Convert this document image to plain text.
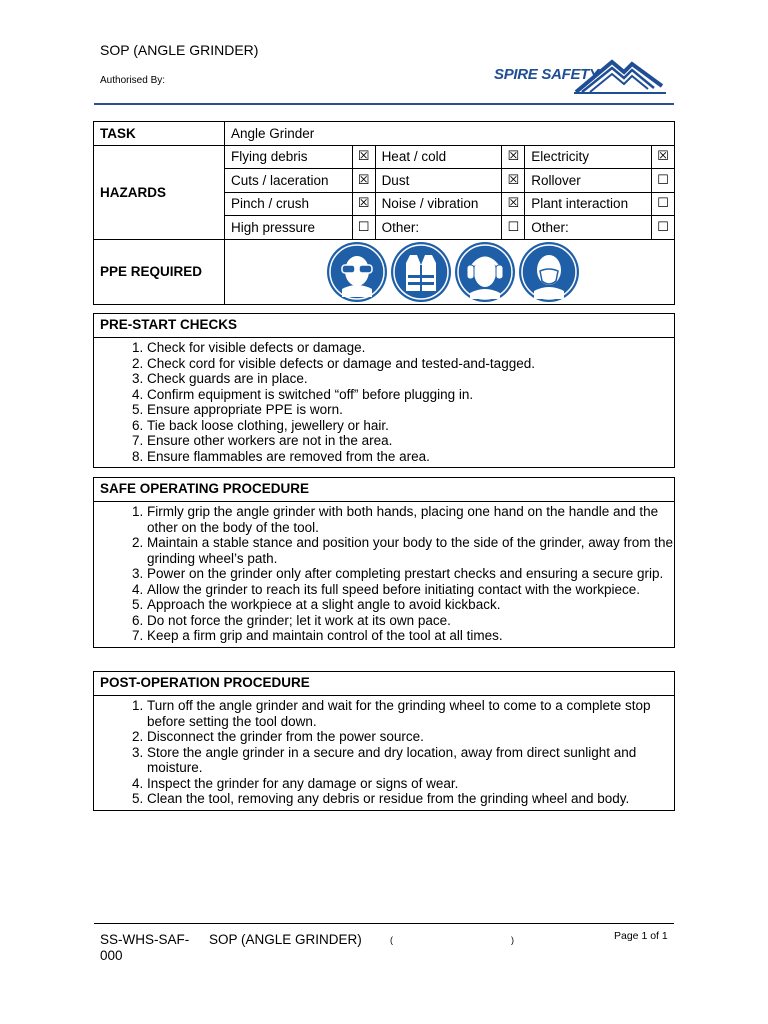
SOP (ANGLE GRINDER)
Authorised By:	SPIRE SAFETY
TASK	Angle Grinder					
HAZARDS	Flying debris	☒	Heat / cold	☒	Electricity	☒
	Cuts / laceration	☒	Dust	☒	Rollover	☐
	Pinch / crush	☒	Noise / vibration	☒	Plant interaction	☐
	High pressure	☐	Other:	☐	Other:	☐
PPE REQUIRED	
PRE-START CHECKS
1. Check for visible defects or damage.
2. Check cord for visible defects or damage and tested-and-tagged.
3. Check guards are in place.
4. Confirm equipment is switched “off” before plugging in.
5. Ensure appropriate PPE is worn.
6. Tie back loose clothing, jewellery or hair.
7. Ensure other workers are not in the area.
8. Ensure flammables are removed from the area.
SAFE OPERATING PROCEDURE
1. Firmly grip the angle grinder with both hands, placing one hand on the handle and the other on the body of the tool.
2. Maintain a stable stance and position your body to the side of the grinder, away from the grinding wheel’s path.
3. Power on the grinder only after completing prestart checks and ensuring a secure grip.
4. Allow the grinder to reach its full speed before initiating contact with the workpiece.
5. Approach the workpiece at a slight angle to avoid kickback.
6. Do not force the grinder; let it work at its own pace.
7. Keep a firm grip and maintain control of the tool at all times.
POST-OPERATION PROCEDURE
1. Turn off the angle grinder and wait for the grinding wheel to come to a complete stop before setting the tool down.
2. Disconnect the grinder from the power source.
3. Store the angle grinder in a secure and dry location, away from direct sunlight and moisture.
4. Inspect the grinder for any damage or signs of wear.
5. Clean the tool, removing any debris or residue from the grinding wheel and body.
SS-WHS-SAF-000
SOP (ANGLE GRINDER)	(	)	Page 1 of 1
